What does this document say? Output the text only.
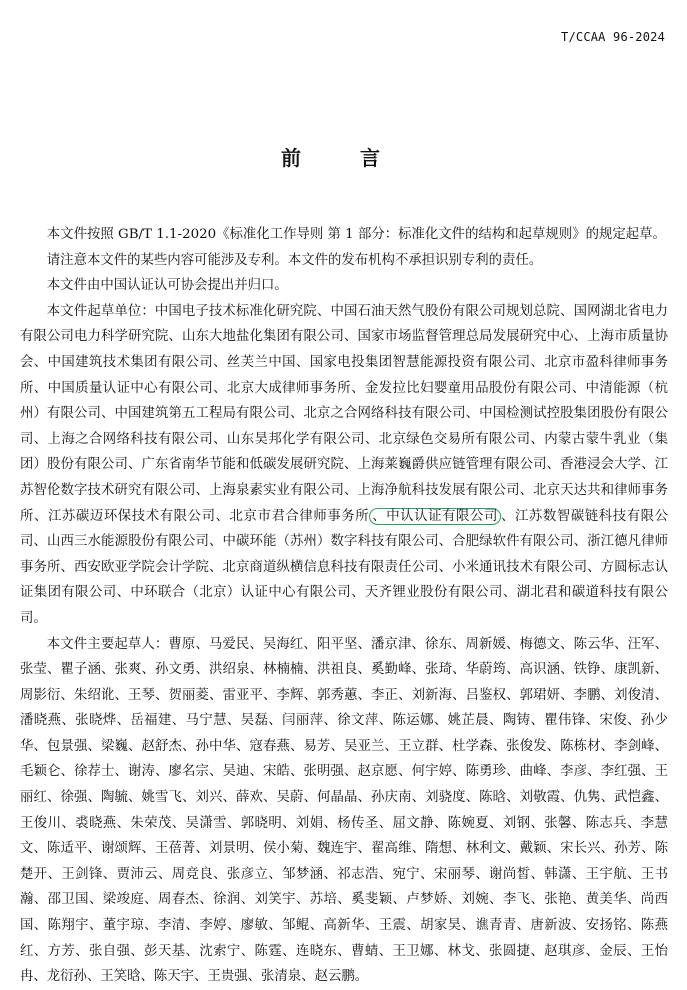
T/CCAA 96-2024
前 言

本文件按照 GB/T 1.1-2020《标准化工作导则 第 1 部分：标准化文件的结构和起草规则》的规定起草。

请注意本文件的某些内容可能涉及专利。本文件的发布机构不承担识别专利的责任。

本文件由中国认证认可协会提出并归口。

本文件起草单位：中国电子技术标准化研究院、中国石油天然气股份有限公司规划总院、国网湖北省电力有限公司电力科学研究院、山东大地盐化集团有限公司、国家市场监督管理总局发展研究中心、上海市质量协会、中国建筑技术集团有限公司、丝芙兰中国、国家电投集团智慧能源投资有限公司、北京市盈科律师事务所、中国质量认证中心有限公司、北京大成律师事务所、金发拉比妇婴童用品股份有限公司、中清能源（杭州）有限公司、中国建筑第五工程局有限公司、北京之合网络科技有限公司、中国检测试控股集团股份有限公司、上海之合网络科技有限公司、山东昊邦化学有限公司、北京绿色交易所有限公司、内蒙古蒙牛乳业（集团）股份有限公司、广东省南华节能和低碳发展研究院、上海莱巍爵供应链管理有限公司、香港浸会大学、江苏智伦数字技术研究有限公司、上海泉素实业有限公司、上海净航科技发展有限公司、北京天达共和律师事务所、江苏碳迈环保技术有限公司、北京市君合律师事务所 、中认认证有限公司 、江苏数智碳链科技有限公司、山西三水能源股份有限公司、中碳环能（苏州）数字科技有限公司、合肥绿软件有限公司、浙江德凡律师事务所、西安欧亚学院会计学院、北京商道纵横信息科技有限责任公司、小米通讯技术有限公司、方圆标志认证集团有限公司、中环联合（北京）认证中心有限公司、天齐锂业股份有限公司、湖北君和碳道科技有限公司。

本文件主要起草人：曹原、马爱民、吴海红、阳平坚、潘京津、徐东、周新媛、梅德文、陈云华、汪军、张莹、瞿子涵、张爽、孙文勇、洪绍泉、林楠楠、洪祖良、奚勤峰、张琦、华蔚筠、高识涵、铁铮、康凯新、周影衍、朱绍讹、王琴、贺丽菱、雷亚平、李辉、郭秀蕙、李正、刘新海、吕鉴权、郭珺妍、李鹏、刘俊清、潘晓燕、张晓烨、岳福建、马宁慧、吴磊、闫丽萍、徐文萍、陈运娜、姚芷晨、陶铸、瞿伟锋、宋俊、孙少华、包景强、梁巍、赵舒杰、孙中华、寇春燕、易芳、吴亚兰、王立群、杜学森、张俊发、陈栋材、李剑峰、毛颖仑、徐荐士、谢涛、廖名宗、吴迪、宋皓、张明强、赵京愿、何宇婷、陈勇珍、曲峰、李彦、李红强、王丽红、徐强、陶毓、姚雪飞、刘兴、薛欢、吴蔚、何晶晶、孙庆南、刘骁度、陈晗、刘敬霞、仇隽、武恺鑫、王俊川、裘晓燕、朱荣茂、吴潇雪、郭晓明、刘娟、杨传圣、屈文静、陈婉夏、刘钢、张馨、陈志兵、李慧文、陈适平、谢颂辉、王蓓菁、刘景明、侯小菊、魏连宇、翟高维、隋想、林利文、戴颖、宋长兴、孙芳、陈楚开、王剑锋、贾沛云、周竞良、张彦立、邹梦涵、祁志浩、宛宁、宋丽琴、谢尚皙、韩潇、王宇航、王书瀚、邵卫国、梁竣庭、周春杰、徐润、刘笑宇、苏培、奚斐颖、卢梦娇、刘婉、李飞、张艳、黄美华、尚西国、陈翔宇、董宇琼、李清、李婷、廖敏、邹鲲、高新华、王震、胡家昊、谯青青、唐新波、安扬铭、陈燕红、方芳、张自强、彭天基、沈索宁、陈霆、连晓东、曹蜻、王卫娜、林戈、张圆捷、赵琪彦、金辰、王怡冉、龙衍孙、王笑晗、陈天宇、王贵强、张清泉、赵云鹏。
